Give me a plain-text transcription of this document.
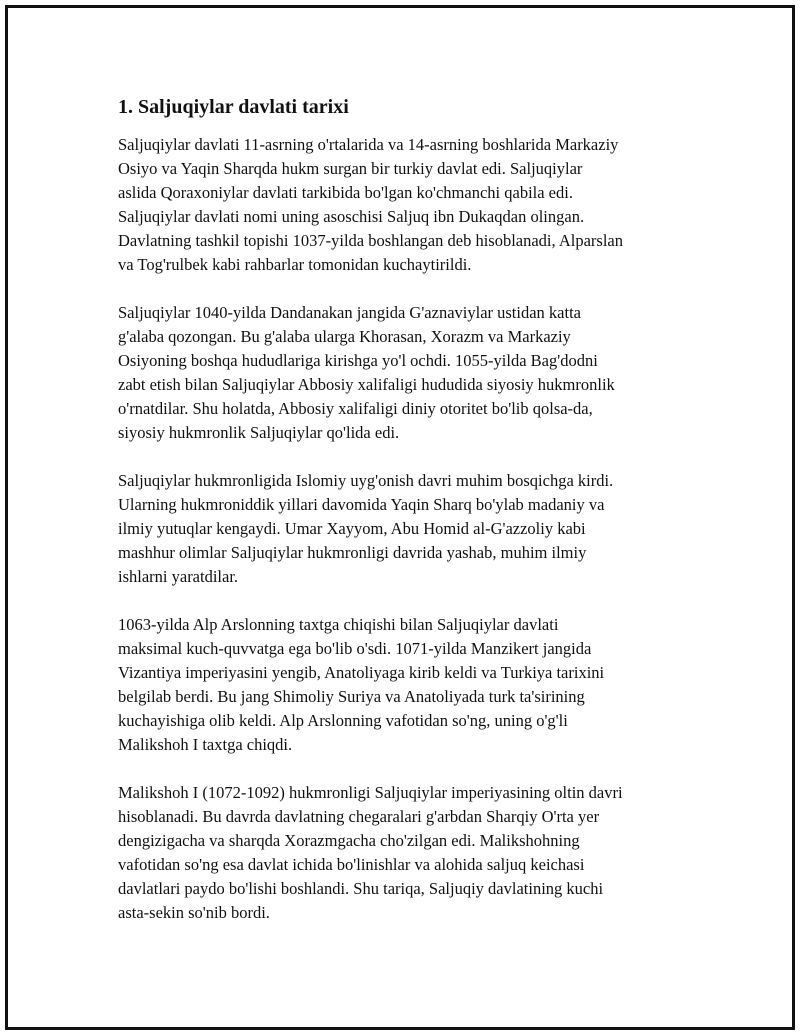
1. Saljuqiylar davlati tarixi

Saljuqiylar davlati 11-asrning o'rtalarida va 14-asrning boshlarida Markaziy
Osiyo va Yaqin Sharqda hukm surgan bir turkiy davlat edi. Saljuqiylar
aslida Qoraxoniylar davlati tarkibida bo'lgan ko'chmanchi qabila edi.
Saljuqiylar davlati nomi uning asoschisi Saljuq ibn Dukaqdan olingan.
Davlatning tashkil topishi 1037-yilda boshlangan deb hisoblanadi, Alparslan
va Tog'rulbek kabi rahbarlar tomonidan kuchaytirildi.

Saljuqiylar 1040-yilda Dandanakan jangida G'aznaviylar ustidan katta
g'alaba qozongan. Bu g'alaba ularga Khorasan, Xorazm va Markaziy
Osiyoning boshqa hududlariga kirishga yo'l ochdi. 1055-yilda Bag'dodni
zabt etish bilan Saljuqiylar Abbosiy xalifaligi hududida siyosiy hukmronlik
o'rnatdilar. Shu holatda, Abbosiy xalifaligi diniy otoritet bo'lib qolsa-da,
siyosiy hukmronlik Saljuqiylar qo'lida edi.

Saljuqiylar hukmronligida Islomiy uyg'onish davri muhim bosqichga kirdi.
Ularning hukmroniddik yillari davomida Yaqin Sharq bo'ylab madaniy va
ilmiy yutuqlar kengaydi. Umar Xayyom, Abu Homid al-G'azzoliy kabi
mashhur olimlar Saljuqiylar hukmronligi davrida yashab, muhim ilmiy
ishlarni yaratdilar.

1063-yilda Alp Arslonning taxtga chiqishi bilan Saljuqiylar davlati
maksimal kuch-quvvatga ega bo'lib o'sdi. 1071-yilda Manzikert jangida
Vizantiya imperiyasini yengib, Anatoliyaga kirib keldi va Turkiya tarixini
belgilab berdi. Bu jang Shimoliy Suriya va Anatoliyada turk ta'sirining
kuchayishiga olib keldi. Alp Arslonning vafotidan so'ng, uning o'g'li
Malikshoh I taxtga chiqdi.

Malikshoh I (1072-1092) hukmronligi Saljuqiylar imperiyasining oltin davri
hisoblanadi. Bu davrda davlatning chegaralari g'arbdan Sharqiy O'rta yer
dengizigacha va sharqda Xorazmgacha cho'zilgan edi. Malikshohning
vafotidan so'ng esa davlat ichida bo'linishlar va alohida saljuq keichasi
davlatlari paydo bo'lishi boshlandi. Shu tariqa, Saljuqiy davlatining kuchi
asta-sekin so'nib bordi.
